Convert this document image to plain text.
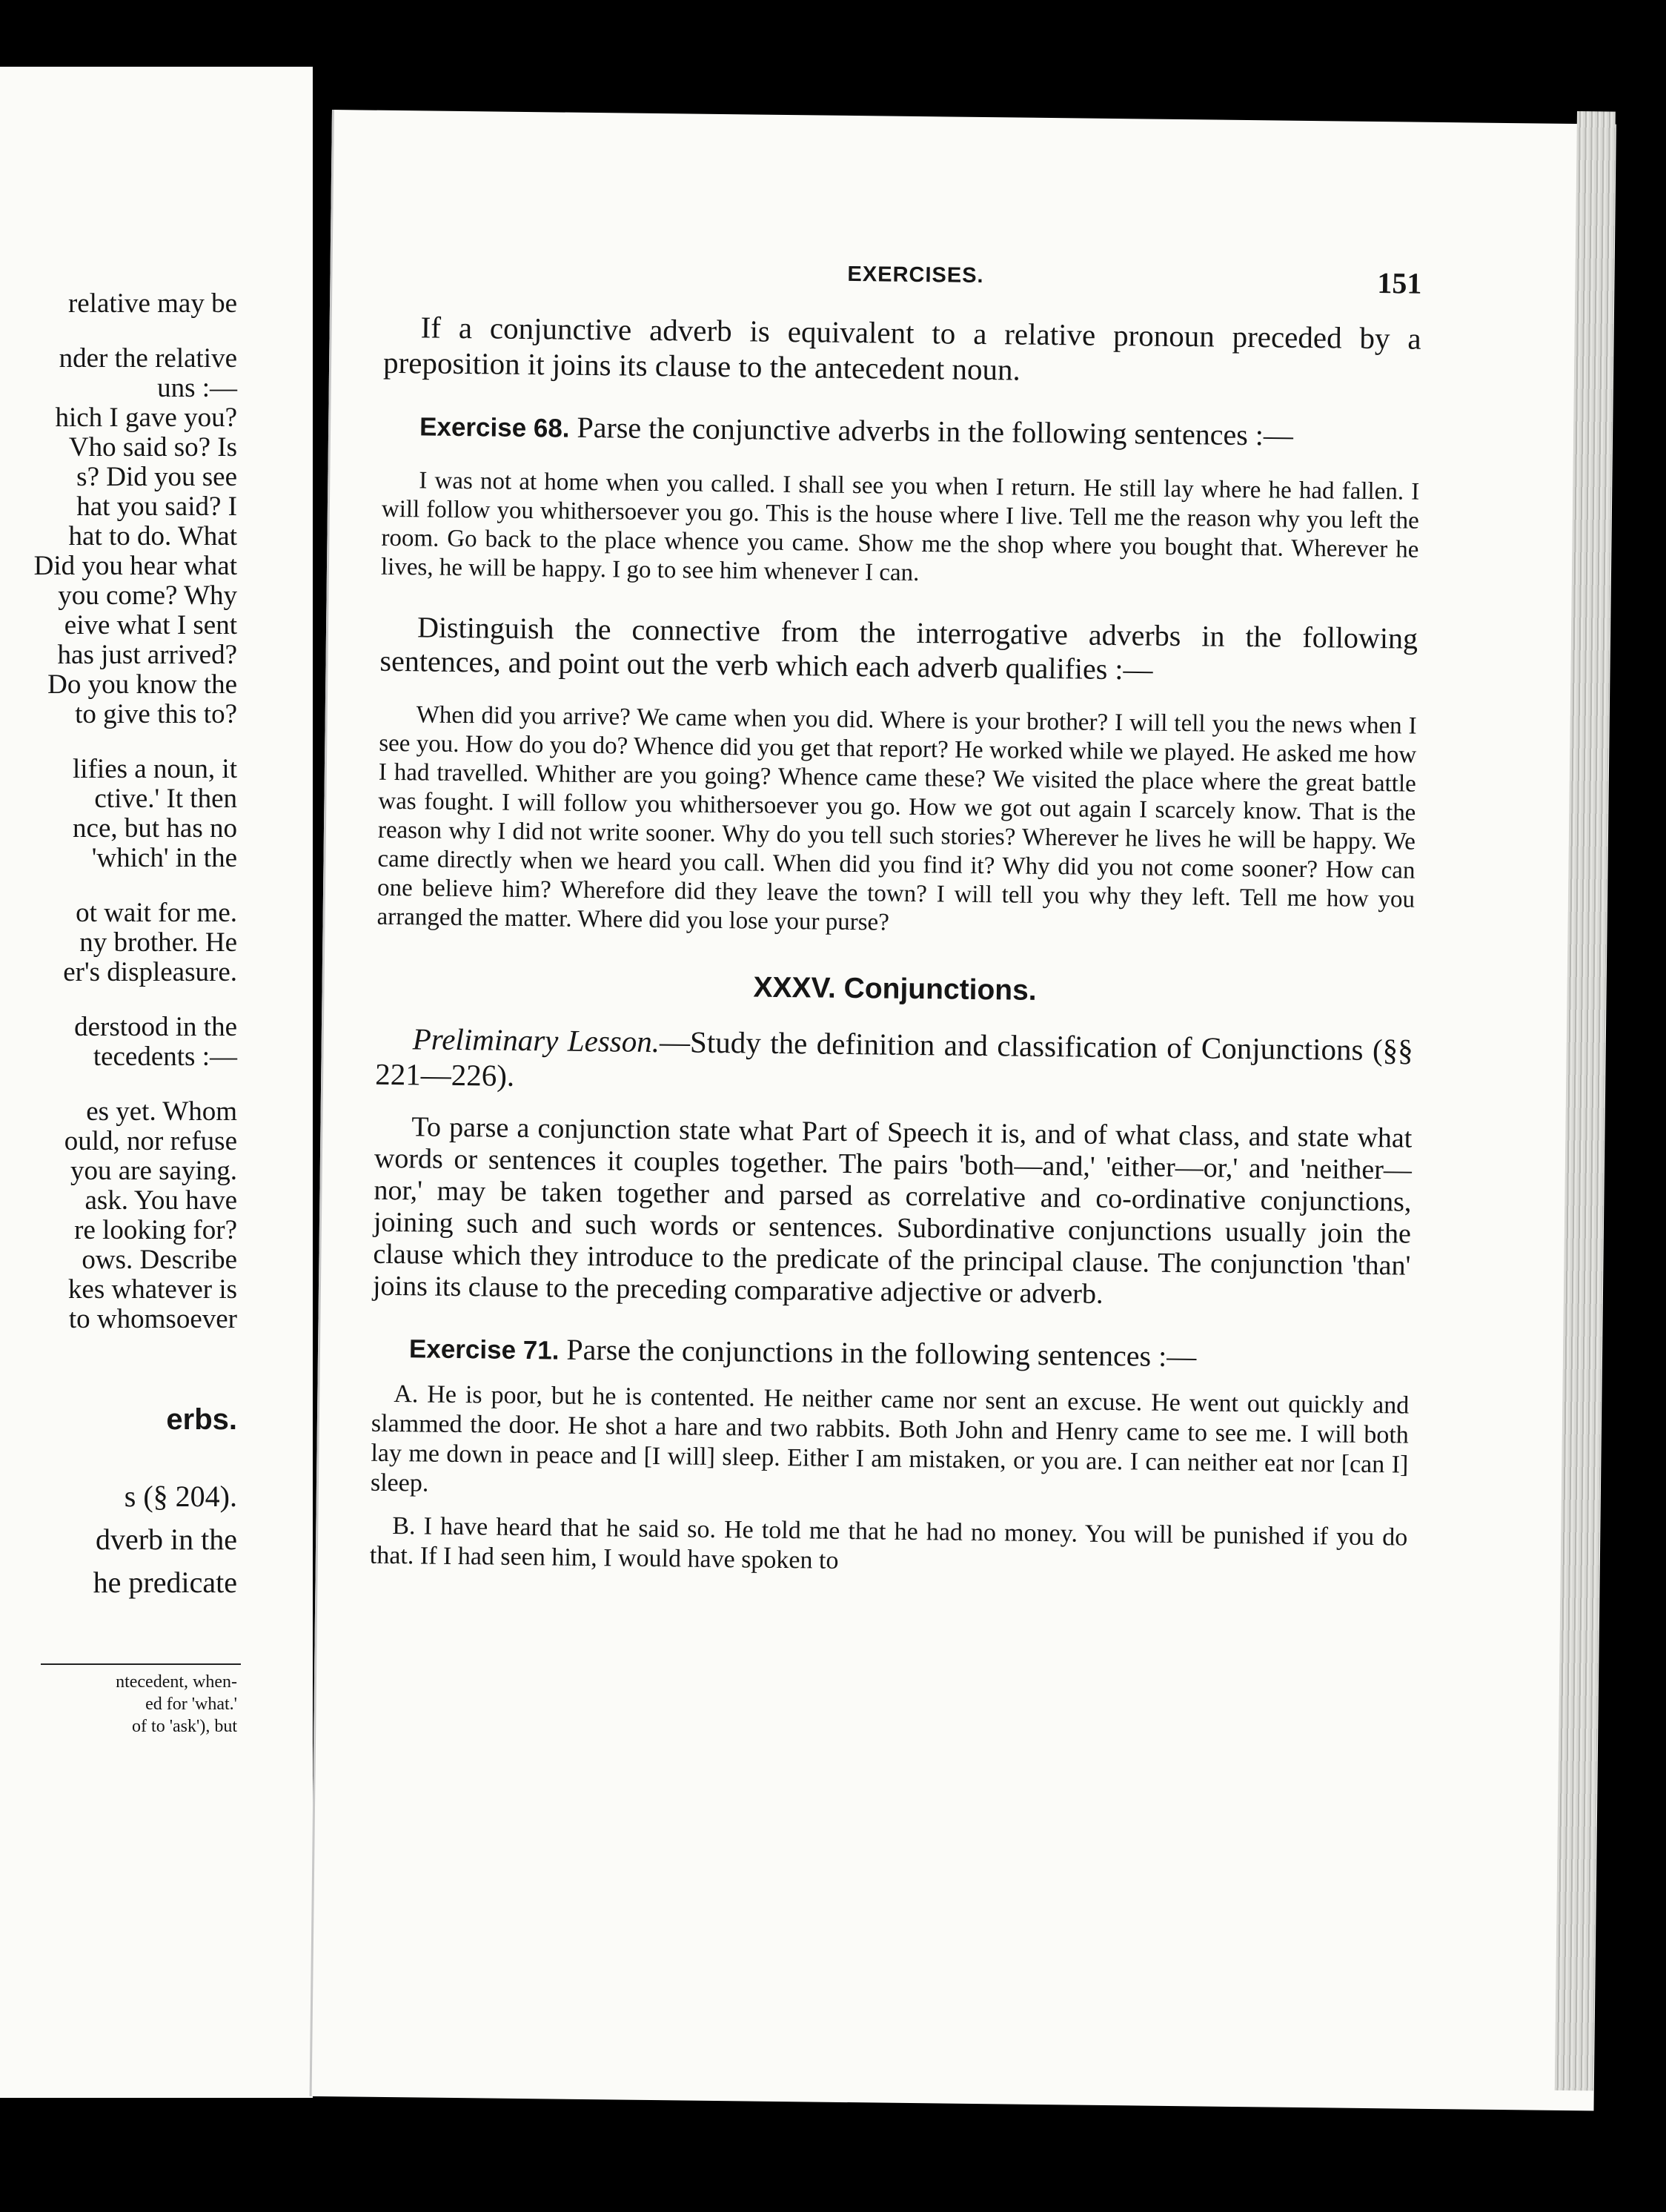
relative may be
nder the relative
uns :—
hich I gave you?
Vho said so? Is
s? Did you see
hat you said? I
hat to do. What
Did you hear what
you come? Why
eive what I sent
has just arrived?
Do you know the
to give this to?
lifies a noun, it
ctive.' It then
nce, but has no
'which' in the
ot wait for me.
ny brother. He
er's displeasure.
derstood in the
tecedents :—
es yet. Whom
ould, nor refuse
you are saying.
ask. You have
re looking for?
ows. Describe
kes whatever is
to whomsoever
erbs.
s (§ 204).
dverb in the
he predicate
ntecedent, when-
ed for 'what.'
of to 'ask'), but
EXERCISES.	151

If a conjunctive adverb is equivalent to a relative pronoun preceded by a preposition it joins its clause to the antecedent noun.

Exercise 68. Parse the conjunctive adverbs in the following sentences :—

I was not at home when you called. I shall see you when I return. He still lay where he had fallen. I will follow you whithersoever you go. This is the house where I live. Tell me the reason why you left the room. Go back to the place whence you came. Show me the shop where you bought that. Wherever he lives, he will be happy. I go to see him whenever I can.

Distinguish the connective from the interrogative adverbs in the following sentences, and point out the verb which each adverb qualifies :—

When did you arrive? We came when you did. Where is your brother? I will tell you the news when I see you. How do you do? Whence did you get that report? He worked while we played. He asked me how I had travelled. Whither are you going? Whence came these? We visited the place where the great battle was fought. I will follow you whithersoever you go. How we got out again I scarcely know. That is the reason why I did not write sooner. Why do you tell such stories? Wherever he lives he will be happy. We came directly when we heard you call. When did you find it? Why did you not come sooner? How can one believe him? Wherefore did they leave the town? I will tell you why they left. Tell me how you arranged the matter. Where did you lose your purse?

XXXV. Conjunctions.

Preliminary Lesson.—Study the definition and classification of Conjunctions (§§ 221—226).

To parse a conjunction state what Part of Speech it is, and of what class, and state what words or sentences it couples together. The pairs 'both—and,' 'either—or,' and 'neither—nor,' may be taken together and parsed as correlative and co-ordinative conjunctions, joining such and such words or sentences. Subordinative conjunctions usually join the clause which they introduce to the predicate of the principal clause. The conjunction 'than' joins its clause to the preceding comparative adjective or adverb.

Exercise 71. Parse the conjunctions in the following sentences :—

A. He is poor, but he is contented. He neither came nor sent an excuse. He went out quickly and slammed the door. He shot a hare and two rabbits. Both John and Henry came to see me. I will both lay me down in peace and [I will] sleep. Either I am mistaken, or you are. I can neither eat nor [can I] sleep.

B. I have heard that he said so. He told me that he had no money. You will be punished if you do that. If I had seen him, I would have spoken to
